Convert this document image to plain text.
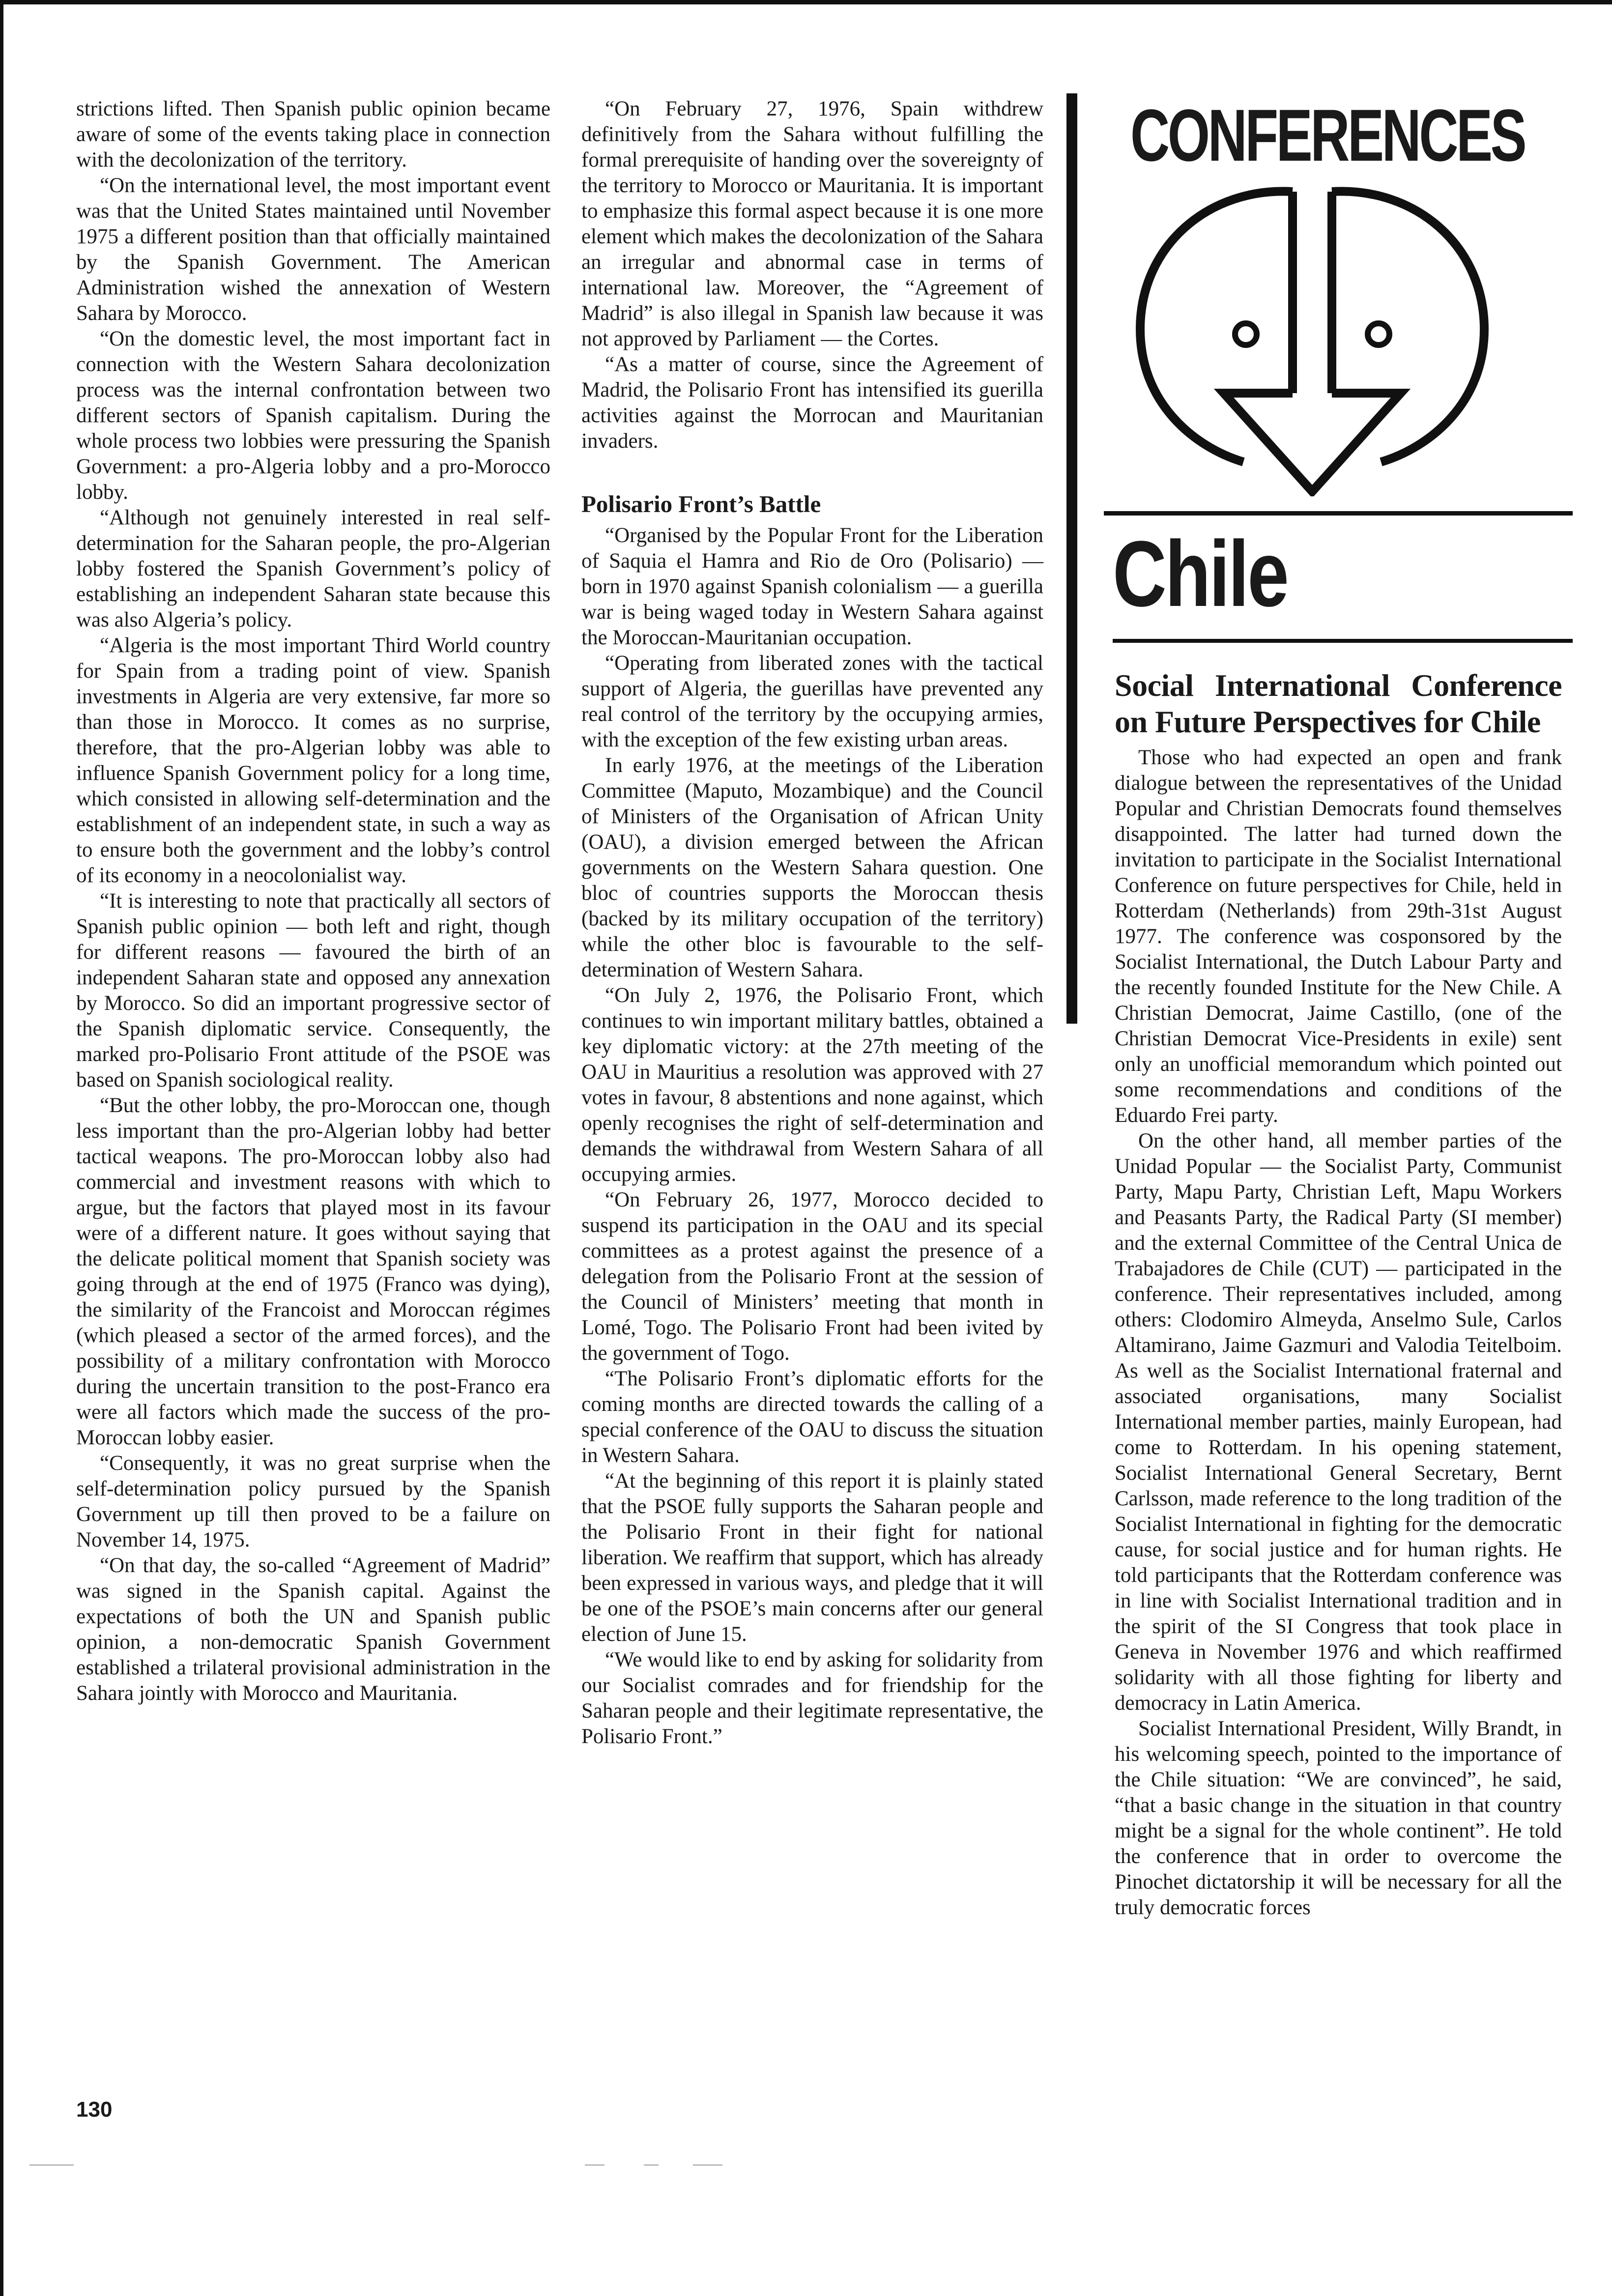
strictions lifted. Then Spanish public opinion became aware of some of the events taking place in connection with the decolonization of the territory.

“On the international level, the most important event was that the United States maintained until November 1975 a different position than that officially maintained by the Spanish Government. The American Administration wished the annexation of Western Sahara by Morocco.

“On the domestic level, the most important fact in connection with the Western Sahara decolonization process was the internal confrontation between two different sectors of Spanish capitalism. During the whole process two lobbies were pressuring the Spanish Government: a pro-Algeria lobby and a pro-Morocco lobby.

“Although not genuinely interested in real self-determination for the Saharan people, the pro-Algerian lobby fostered the Spanish Government’s policy of establishing an independent Saharan state because this was also Algeria’s policy.

“Algeria is the most important Third World country for Spain from a trading point of view. Spanish investments in Algeria are very extensive, far more so than those in Morocco. It comes as no surprise, therefore, that the pro-Algerian lobby was able to influence Spanish Government policy for a long time, which consisted in allowing self-determination and the establishment of an independent state, in such a way as to ensure both the government and the lobby’s control of its economy in a neocolonialist way.

“It is interesting to note that practically all sectors of Spanish public opinion — both left and right, though for different reasons — favoured the birth of an independent Saharan state and opposed any annexation by Morocco. So did an important progressive sector of the Spanish diplomatic service. Consequently, the marked pro-Polisario Front attitude of the PSOE was based on Spanish sociological reality.

“But the other lobby, the pro-Moroccan one, though less important than the pro-Algerian lobby had better tactical weapons. The pro-Moroccan lobby also had commercial and investment reasons with which to argue, but the factors that played most in its favour were of a different nature. It goes without saying that the delicate political moment that Spanish society was going through at the end of 1975 (Franco was dying), the similarity of the Francoist and Moroccan régimes (which pleased a sector of the armed forces), and the possibility of a military confrontation with Morocco during the uncertain transition to the post-Franco era were all factors which made the success of the pro-Moroccan lobby easier.

“Consequently, it was no great surprise when the self-determination policy pursued by the Spanish Government up till then proved to be a failure on November 14, 1975.

“On that day, the so-called “Agreement of Madrid” was signed in the Spanish capital. Against the expectations of both the UN and Spanish public opinion, a non-democratic Spanish Government established a trilateral provisional administration in the Sahara jointly with Morocco and Mauritania.

“On February 27, 1976, Spain withdrew definitively from the Sahara without fulfilling the formal prerequisite of handing over the sovereignty of the territory to Morocco or Mauritania. It is important to emphasize this formal aspect because it is one more element which makes the decolonization of the Sahara an irregular and abnormal case in terms of international law. Moreover, the “Agreement of Madrid” is also illegal in Spanish law because it was not approved by Parliament — the Cortes.

“As a matter of course, since the Agreement of Madrid, the Polisario Front has intensified its guerilla activities against the Morrocan and Mauritanian invaders.

Polisario Front’s Battle

“Organised by the Popular Front for the Liberation of Saquia el Hamra and Rio de Oro (Polisario) — born in 1970 against Spanish colonialism — a guerilla war is being waged today in Western Sahara against the Moroccan-Mauritanian occupation.

“Operating from liberated zones with the tactical support of Algeria, the guerillas have prevented any real control of the territory by the occupying armies, with the exception of the few existing urban areas.

In early 1976, at the meetings of the Liberation Committee (Maputo, Mozambique) and the Council of Ministers of the Organisation of African Unity (OAU), a division emerged between the African governments on the Western Sahara question. One bloc of countries supports the Moroccan thesis (backed by its military occupation of the territory) while the other bloc is favourable to the self-determination of Western Sahara.

“On July 2, 1976, the Polisario Front, which continues to win important military battles, obtained a key diplomatic victory: at the 27th meeting of the OAU in Mauritius a resolution was approved with 27 votes in favour, 8 abstentions and none against, which openly recognises the right of self-determination and demands the withdrawal from Western Sahara of all occupying armies.

“On February 26, 1977, Morocco decided to suspend its participation in the OAU and its special committees as a protest against the presence of a delegation from the Polisario Front at the session of the Council of Ministers’ meeting that month in Lomé, Togo. The Polisario Front had been ivited by the government of Togo.

“The Polisario Front’s diplomatic efforts for the coming months are directed towards the calling of a special conference of the OAU to discuss the situation in Western Sahara.

“At the beginning of this report it is plainly stated that the PSOE fully supports the Saharan people and the Polisario Front in their fight for national liberation. We reaffirm that support, which has already been expressed in various ways, and pledge that it will be one of the PSOE’s main concerns after our general election of June 15.

“We would like to end by asking for solidarity from our Socialist comrades and for friendship for the Saharan people and their legitimate representative, the Polisario Front.”

CONFERENCES
Chile
Social International Conference on Future Perspectives for Chile

Those who had expected an open and frank dialogue between the representatives of the Unidad Popular and Christian Democrats found themselves disappointed. The latter had turned down the invitation to participate in the Socialist International Conference on future perspectives for Chile, held in Rotterdam (Netherlands) from 29th-31st August 1977. The conference was cosponsored by the Socialist International, the Dutch Labour Party and the recently founded Institute for the New Chile. A Christian Democrat, Jaime Castillo, (one of the Christian Democrat Vice-Presidents in exile) sent only an unofficial memorandum which pointed out some recommendations and conditions of the Eduardo Frei party.

On the other hand, all member parties of the Unidad Popular — the Socialist Party, Communist Party, Mapu Party, Christian Left, Mapu Workers and Peasants Party, the Radical Party (SI member) and the external Committee of the Central Unica de Trabajadores de Chile (CUT) — participated in the conference. Their representatives included, among others: Clodomiro Almeyda, Anselmo Sule, Carlos Altamirano, Jaime Gazmuri and Valodia Teitelboim. As well as the Socialist International fraternal and associated organisations, many Socialist International member parties, mainly European, had come to Rotterdam. In his opening statement, Socialist International General Secretary, Bernt Carlsson, made reference to the long tradition of the Socialist International in fighting for the democratic cause, for social justice and for human rights. He told participants that the Rotterdam conference was in line with Socialist International tradition and in the spirit of the SI Congress that took place in Geneva in November 1976 and which reaffirmed solidarity with all those fighting for liberty and democracy in Latin America.

Socialist International President, Willy Brandt, in his welcoming speech, pointed to the importance of the Chile situation: “We are convinced”, he said, “that a basic change in the situation in that country might be a signal for the whole continent”. He told the conference that in order to overcome the Pinochet dictatorship it will be necessary for all the truly democratic forces

130
